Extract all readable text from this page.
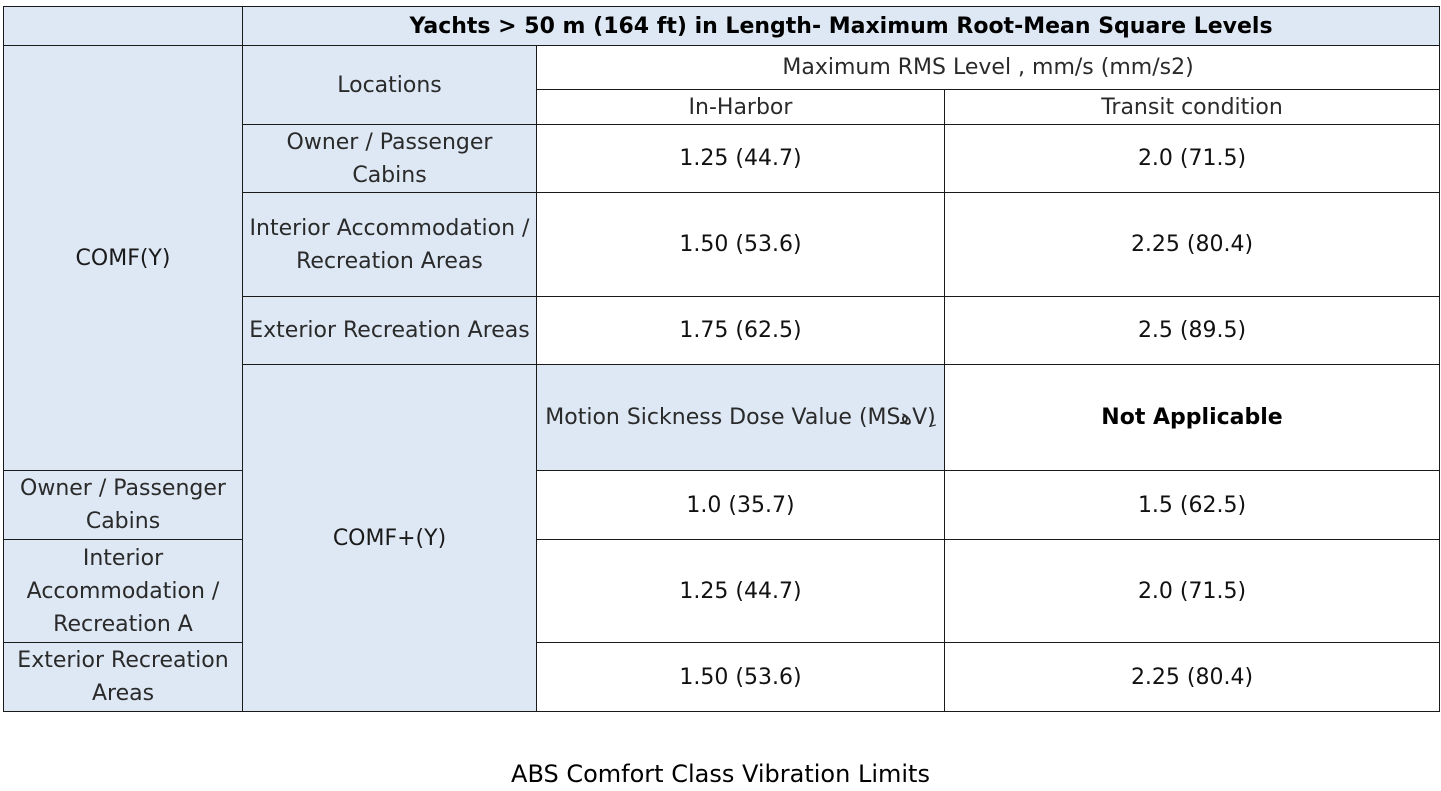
	Yachts > 50 m (164 ft) in Length- Maximum Root-Mean Square Levels			
COMF(Y)	Locations	Maximum RMS Level , mm/s (mm/s2)		
		In-Harbor	Transit condition	
	Owner / Passenger Cabins	1.25 (44.7)	2.0 (71.5)	
	Interior Accommodation / Recreation Areas	1.50 (53.6)	2.25 (80.4)	
	Exterior Recreation Areas	1.75 (62.5)	2.5 (89.5)	
	COMF+(Y)	Motion Sickness Dose Value (MSﻫVِ)	Not Applicable	
Owner / Passenger Cabins		1.0 (35.7)	1.5 (62.5)	
Interior Accommodation / Recreation A		1.25 (44.7)	2.0 (71.5)	
Exterior Recreation Areas		1.50 (53.6)	2.25 (80.4)	
ABS Comfort Class Vibration Limits
